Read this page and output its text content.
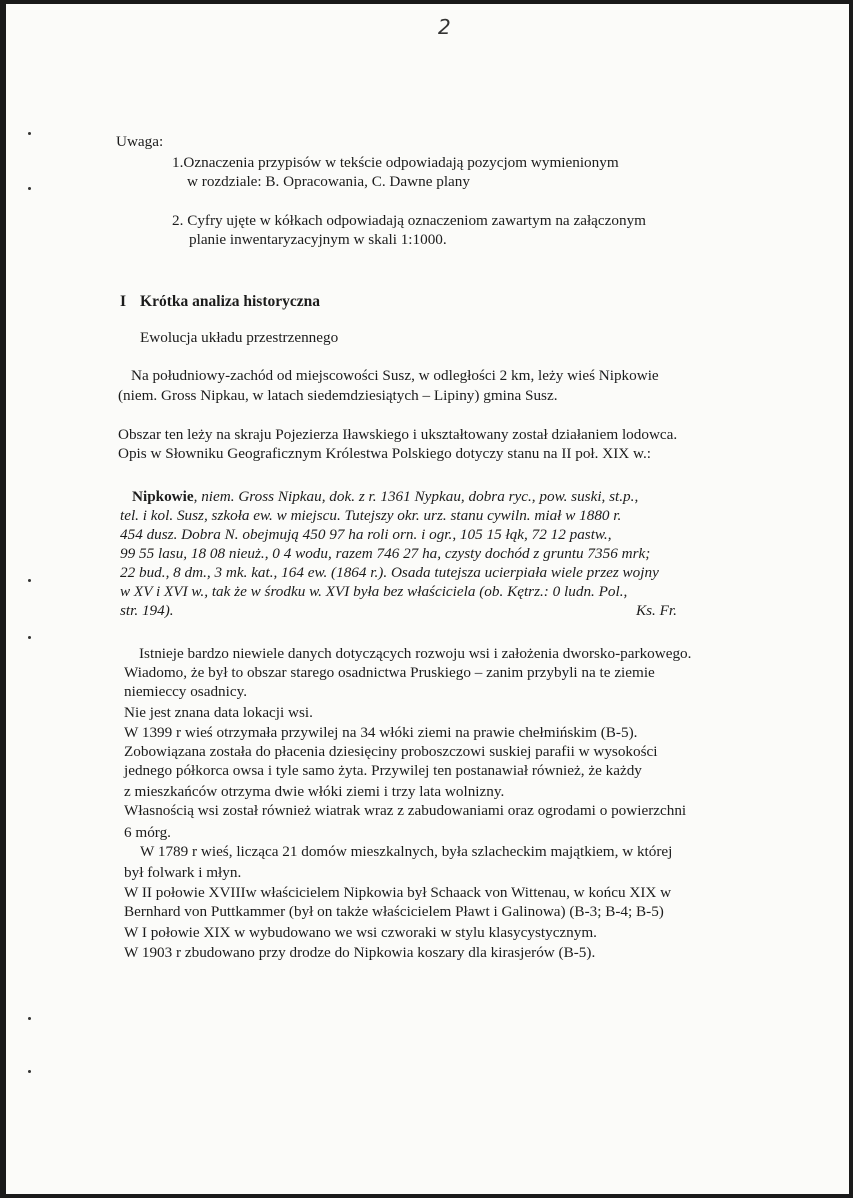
2
Uwaga:
1.Oznaczenia przypisów w tekście odpowiadają pozycjom wymienionym
w rozdziale: B. Opracowania, C. Dawne plany
2. Cyfry ujęte w kółkach odpowiadają oznaczeniom zawartym na załączonym
planie inwentaryzacyjnym w skali 1:1000.
I Krótka analiza historyczna
Ewolucja układu przestrzennego
Na południowy-zachód od miejscowości Susz, w odległości 2 km, leży wieś Nipkowie
(niem. Gross Nipkau, w latach siedemdziesiątych – Lipiny) gmina Susz.
Obszar ten leży na skraju Pojezierza Iławskiego i ukształtowany został działaniem lodowca.
Opis w Słowniku Geograficznym Królestwa Polskiego dotyczy stanu na II poł. XIX w.:
Nipkowie, niem. Gross Nipkau, dok. z r. 1361 Nypkau, dobra ryc., pow. suski, st.p.,
tel. i kol. Susz, szkoła ew. w miejscu. Tutejszy okr. urz. stanu cywiln. miał w 1880 r.
454 dusz. Dobra N. obejmują 450 97 ha roli orn. i ogr., 105 15 łąk, 72 12 pastw.,
99 55 lasu, 18 08 nieuż., 0 4 wodu, razem 746 27 ha, czysty dochód z gruntu 7356 mrk;
22 bud., 8 dm., 3 mk. kat., 164 ew. (1864 r.). Osada tutejsza ucierpiała wiele przez wojny
w XV i XVI w., tak że w środku w. XVI była bez właściciela (ob. Kętrz.: 0 ludn. Pol.,
str. 194).	Ks. Fr.
Istnieje bardzo niewiele danych dotyczących rozwoju wsi i założenia dworsko-parkowego.
Wiadomo, że był to obszar starego osadnictwa Pruskiego – zanim przybyli na te ziemie
niemieccy osadnicy.
Nie jest znana data lokacji wsi.
W 1399 r wieś otrzymała przywilej na 34 włóki ziemi na prawie chełmińskim (B-5).
Zobowiązana została do płacenia dziesięciny proboszczowi suskiej parafii w wysokości
jednego półkorca owsa i tyle samo żyta. Przywilej ten postanawiał również, że każdy
z mieszkańców otrzyma dwie włóki ziemi i trzy lata wolnizny.
Własnością wsi został również wiatrak wraz z zabudowaniami oraz ogrodami o powierzchni
6 mórg.
W 1789 r wieś, licząca 21 domów mieszkalnych, była szlacheckim majątkiem, w której
był folwark i młyn.
W II połowie XVIIIw właścicielem Nipkowia był Schaack von Wittenau, w końcu XIX w
Bernhard von Puttkammer (był on także właścicielem Pławt i Galinowa) (B-3; B-4; B-5)
W I połowie XIX w wybudowano we wsi czworaki w stylu klasycystycznym.
W 1903 r zbudowano przy drodze do Nipkowia koszary dla kirasjerów (B-5).
